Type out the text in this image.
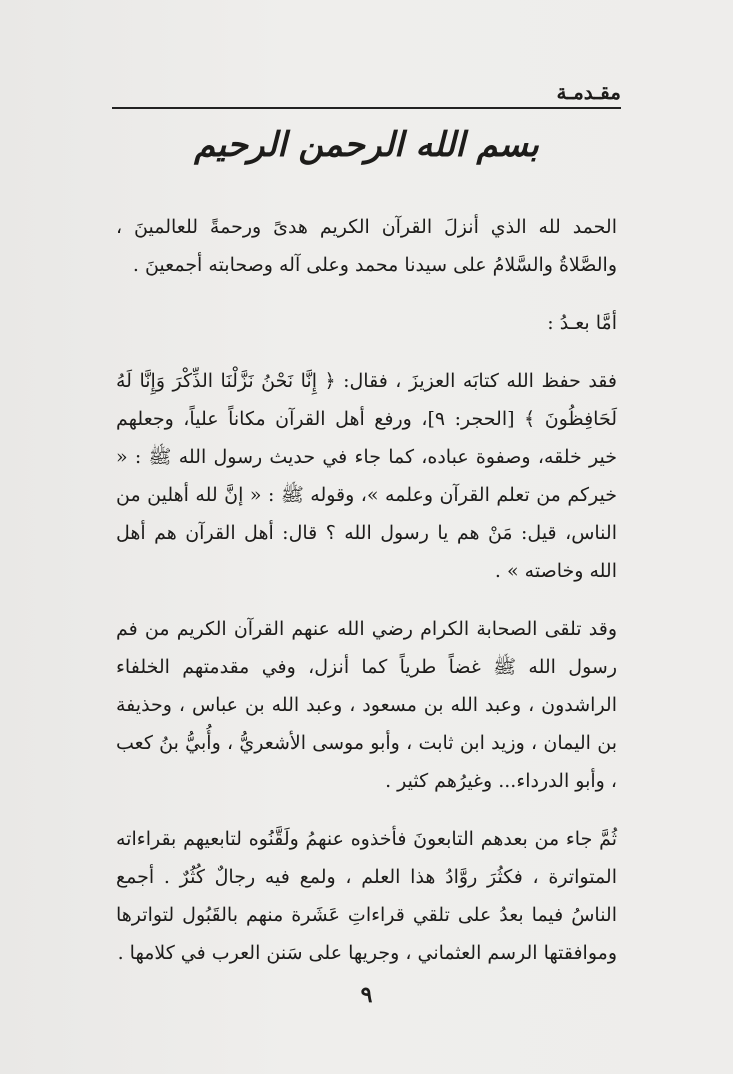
مقـدمـة
بسم الله الرحمن الرحيم

الحمد لله الذي أنزلَ القرآن الكريم هدىً ورحمةً للعالمينَ ، والصَّلاةُ والسَّلامُ على سيدنا محمد وعلى آله وصحابته أجمعينَ .

أمَّا بعـدُ :

فقد حفظ الله كتابَه العزيزَ ، فقال: ﴿ إِنَّا نَحْنُ نَزَّلْنَا الذِّكْرَ وَإِنَّا لَهُ لَحَافِظُونَ ﴾ [الحجر: ٩]، ورفع أهل القرآن مكاناً علياً، وجعلهم خير خلقه، وصفوة عباده، كما جاء في حديث رسول الله ﷺ : « خيركم من تعلم القرآن وعلمه »، وقوله ﷺ : « إنَّ لله أهلين من الناس، قيل: مَنْ هم يا رسول الله ؟ قال: أهل القرآن هم أهل الله وخاصته » .

وقد تلقى الصحابة الكرام رضي الله عنهم القرآن الكريم من فم رسول الله ﷺ غضاً طرياً كما أنزل، وفي مقدمتهم الخلفاء الراشدون ، وعبد الله بن مسعود ، وعبد الله بن عباس ، وحذيفة بن اليمان ، وزيد ابن ثابت ، وأبو موسى الأشعريُّ ، وأُبيُّ بنُ كعب ، وأبو الدرداء... وغيرُهم كثير .

ثُمَّ جاء من بعدهم التابعونَ فأخذوه عنهمُ ولَقَّنُوه لتابعيهم بقراءاته المتواترة ، فكثُرَ روَّادُ هذا العلم ، ولمع فيه رجالٌ كُثُرٌ . أجمع الناسُ فيما بعدُ على تلقي قراءاتِ عَشَرة منهم بالقَبُول لتواترها وموافقتها الرسم العثماني ، وجريها على سَنن العرب في كلامها .

٩
